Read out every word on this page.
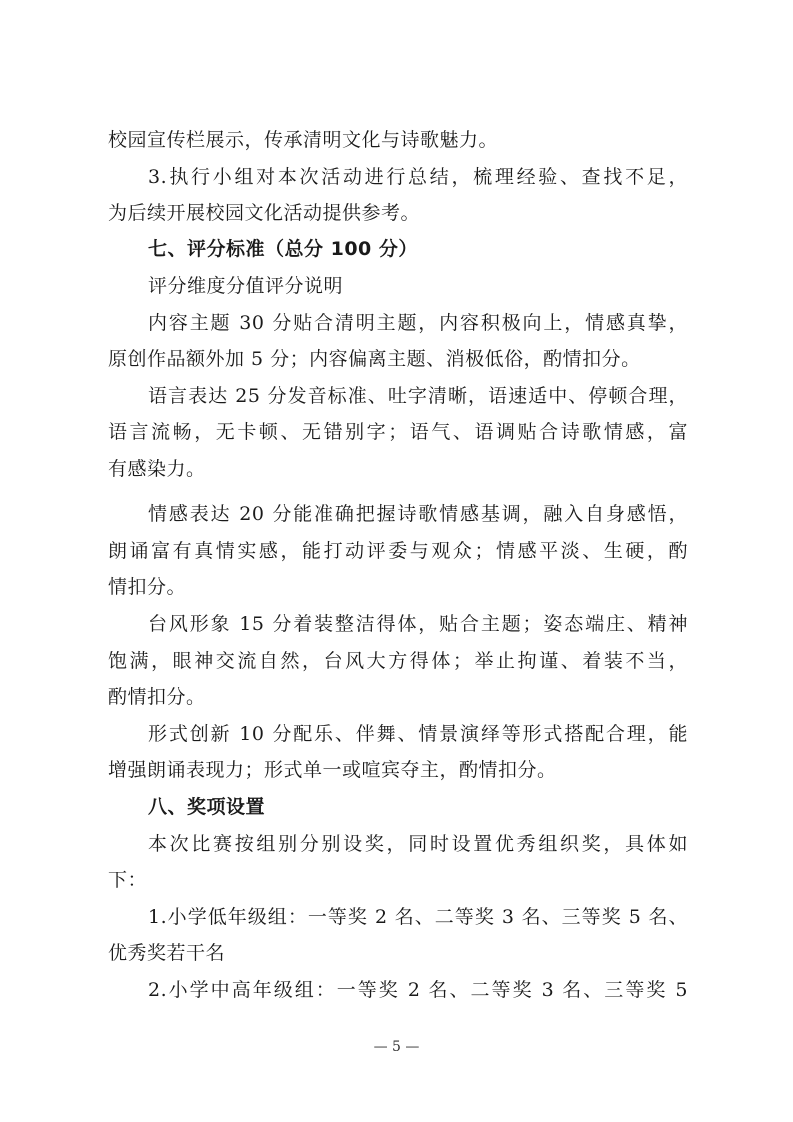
校园宣传栏展示，传承清明文化与诗歌魅力。
3.执行小组对本次活动进行总结，梳理经验、查找不足，
为后续开展校园文化活动提供参考。
七、评分标准（总分 100 分）
评分维度分值评分说明
内容主题 30 分贴合清明主题，内容积极向上，情感真挚，
原创作品额外加 5 分；内容偏离主题、消极低俗，酌情扣分。
语言表达 25 分发音标准、吐字清晰，语速适中、停顿合理，
语言流畅，无卡顿、无错别字；语气、语调贴合诗歌情感，富
有感染力。
情感表达 20 分能准确把握诗歌情感基调，融入自身感悟，
朗诵富有真情实感，能打动评委与观众；情感平淡、生硬，酌
情扣分。
台风形象 15 分着装整洁得体，贴合主题；姿态端庄、精神
饱满，眼神交流自然，台风大方得体；举止拘谨、着装不当，
酌情扣分。
形式创新 10 分配乐、伴舞、情景演绎等形式搭配合理，能
增强朗诵表现力；形式单一或喧宾夺主，酌情扣分。
八、奖项设置
本次比赛按组别分别设奖，同时设置优秀组织奖，具体如
下：
1.小学低年级组：一等奖 2 名、二等奖 3 名、三等奖 5 名、
优秀奖若干名
2.小学中高年级组：一等奖 2 名、二等奖 3 名、三等奖 5
— 5 —
